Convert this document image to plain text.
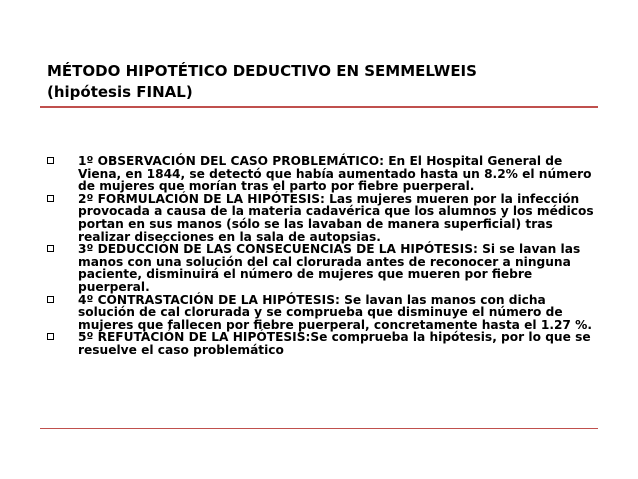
MÉTODO HIPOTÉTICO DEDUCTIVO EN SEMMELWEIS
(hipótesis FINAL)
1º OBSERVACIÓN DEL CASO PROBLEMÁTICO: En El Hospital General de Viena, en 1844, se detectó que había aumentado hasta un 8.2% el número de mujeres que morían tras el parto por fiebre puerperal.
2º FORMULACIÓN DE LA HIPÓTESIS: Las mujeres mueren por la infección provocada a causa de la materia cadavérica que los alumnos y los médicos portan en sus manos (sólo se las lavaban de manera superficial) tras realizar disecciones en la sala de autopsias.
3º DEDUCCIÓN DE LAS CONSECUENCIAS DE LA HIPÓTESIS: Si se lavan las manos con una solución del cal clorurada antes de reconocer a ninguna paciente, disminuirá el número de mujeres que mueren por fiebre puerperal.
4º CONTRASTACIÓN DE LA HIPÓTESIS: Se lavan las manos con dicha solución de cal clorurada y se comprueba que disminuye el número de mujeres que fallecen por fiebre puerperal, concretamente hasta el 1.27 %.
5º REFUTACIÓN DE LA HIPÓTESIS:Se comprueba la hipótesis, por lo que se resuelve el caso problemático
